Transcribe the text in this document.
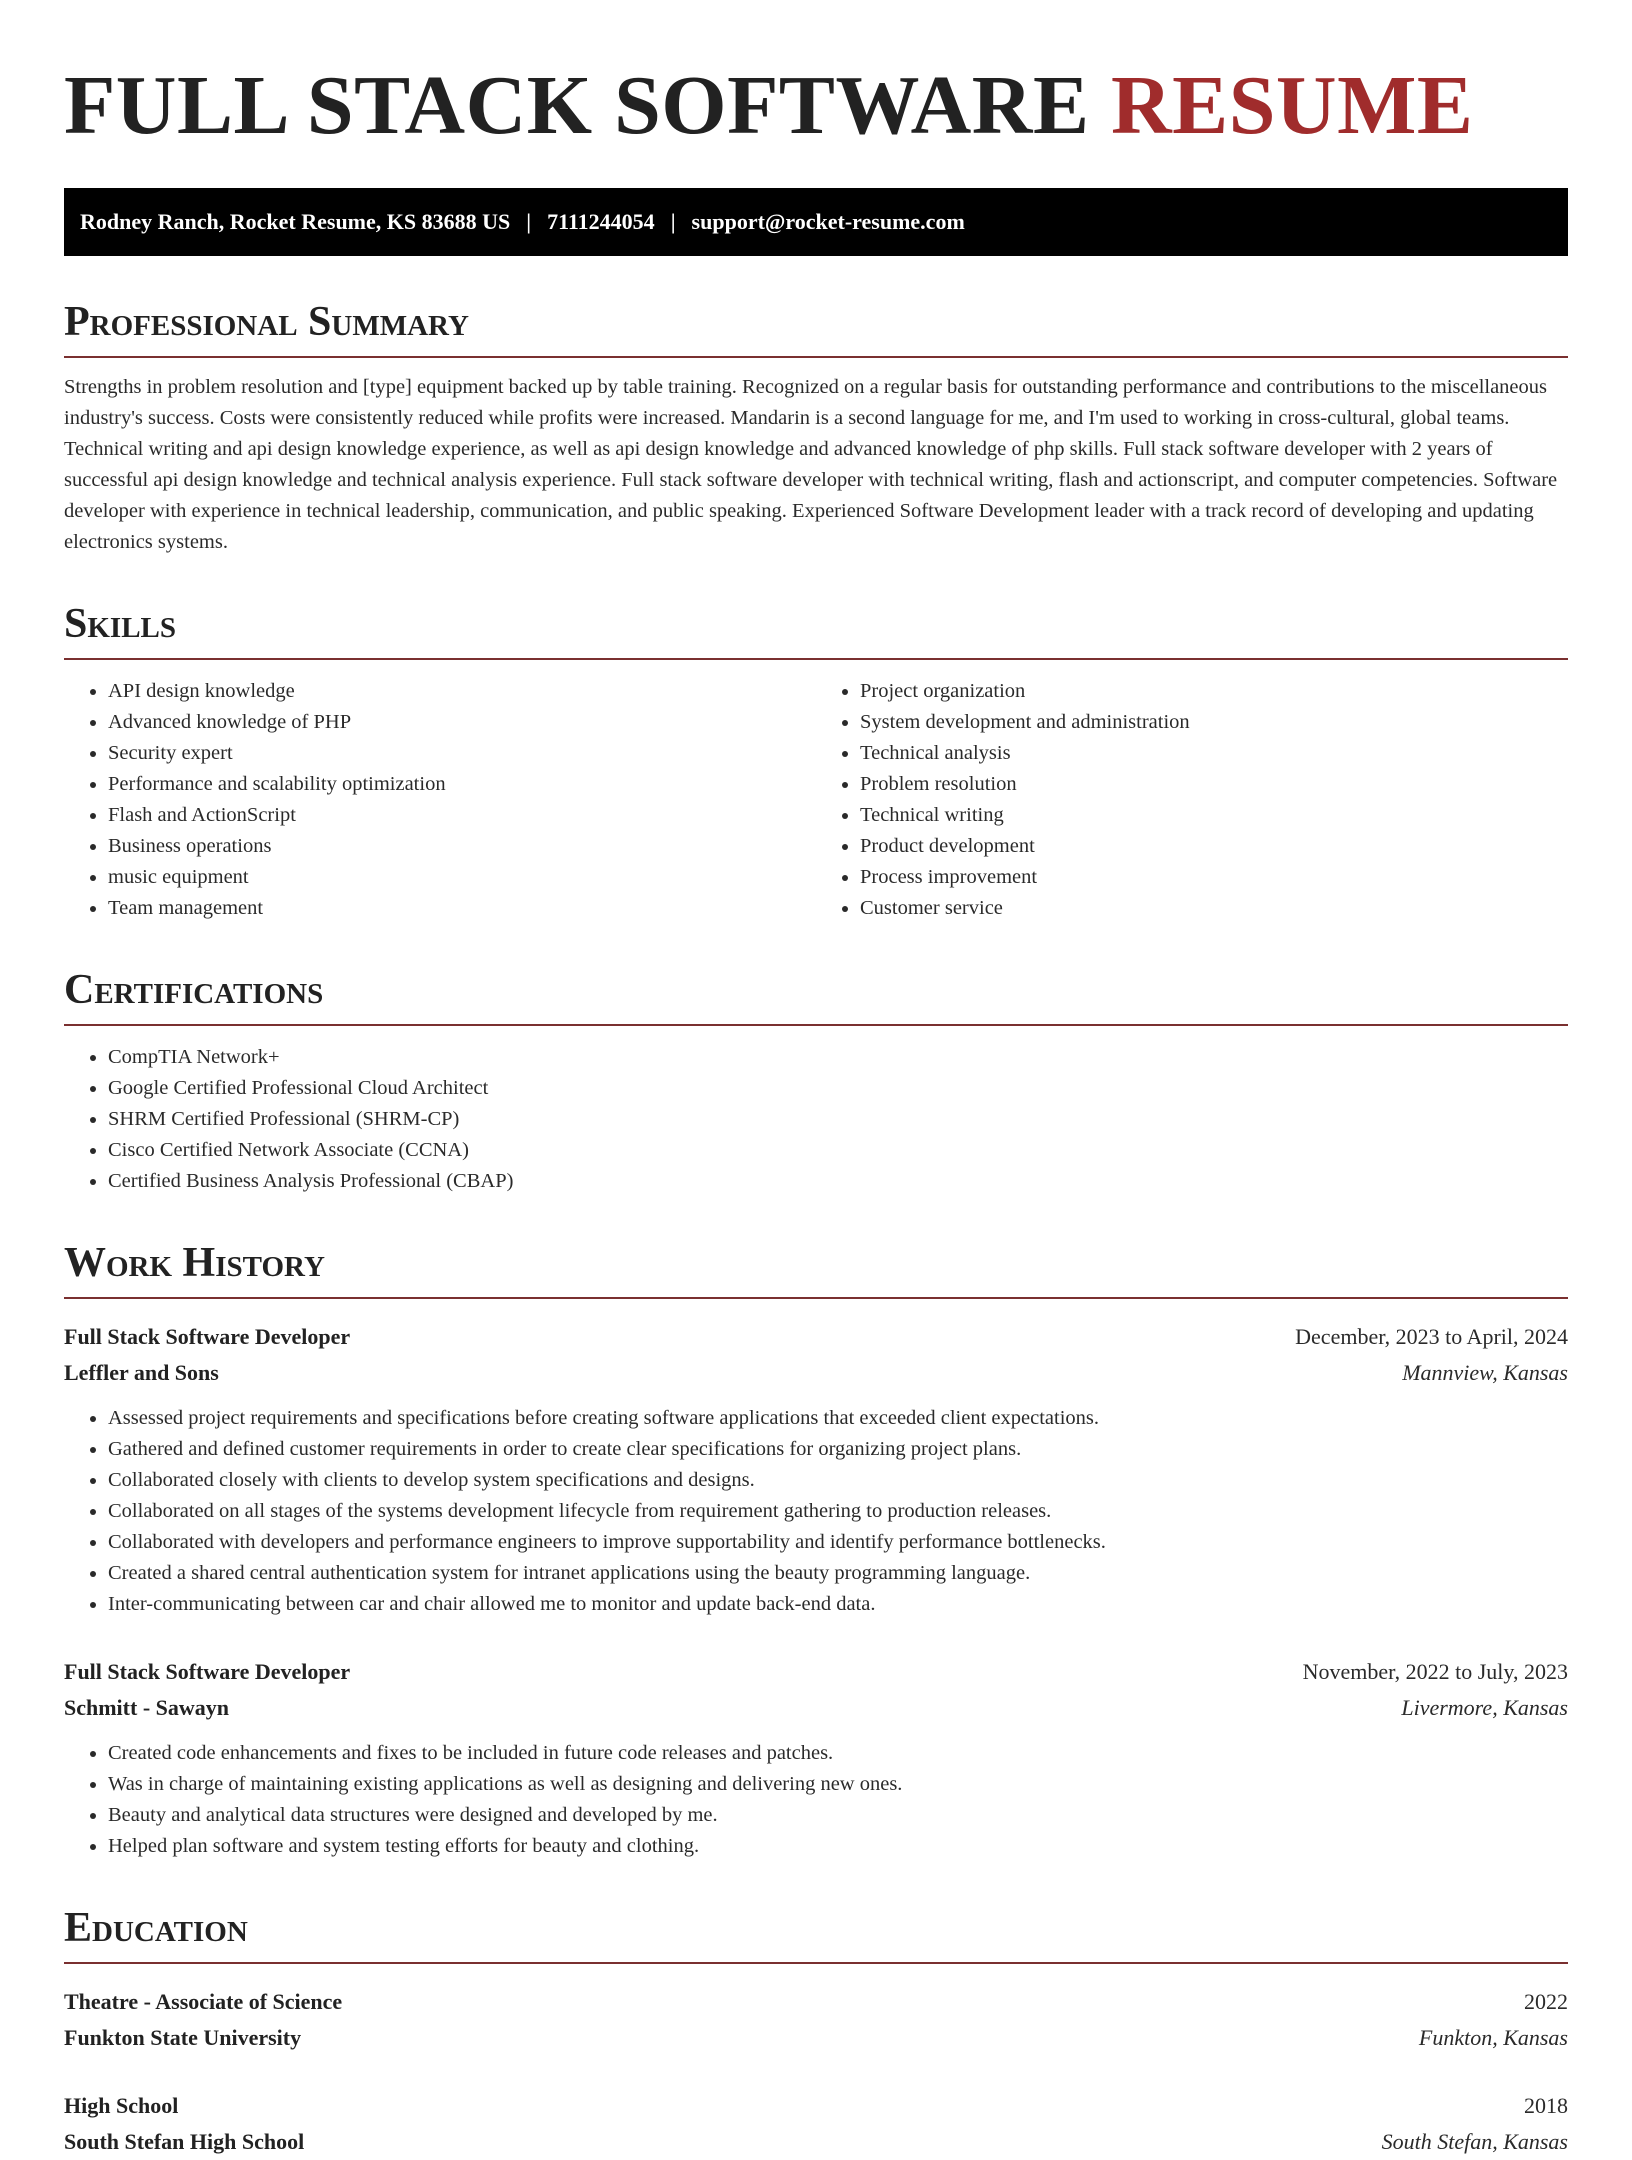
FULL STACK SOFTWARE RESUME
Rodney Ranch, Rocket Resume, KS 83688 US | 7111244054 | support@rocket-resume.com
Professional Summary

Strengths in problem resolution and [type] equipment backed up by table training. Recognized on a regular basis for outstanding performance and contributions to the miscellaneous industry's success. Costs were consistently reduced while profits were increased. Mandarin is a second language for me, and I'm used to working in cross-cultural, global teams. Technical writing and api design knowledge experience, as well as api design knowledge and advanced knowledge of php skills. Full stack software developer with 2 years of successful api design knowledge and technical analysis experience. Full stack software developer with technical writing, flash and actionscript, and computer competencies. Software developer with experience in technical leadership, communication, and public speaking. Experienced Software Development leader with a track record of developing and updating electronics systems.

Skills
• API design knowledge
• Advanced knowledge of PHP
• Security expert
• Performance and scalability optimization
• Flash and ActionScript
• Business operations
• music equipment
• Team management
• Project organization
• System development and administration
• Technical analysis
• Problem resolution
• Technical writing
• Product development
• Process improvement
• Customer service
Certifications
• CompTIA Network+
• Google Certified Professional Cloud Architect
• SHRM Certified Professional (SHRM-CP)
• Cisco Certified Network Associate (CCNA)
• Certified Business Analysis Professional (CBAP)
Work History
Full Stack Software Developer	December, 2023 to April, 2024
Leffler and Sons	Mannview, Kansas
• Assessed project requirements and specifications before creating software applications that exceeded client expectations.
• Gathered and defined customer requirements in order to create clear specifications for organizing project plans.
• Collaborated closely with clients to develop system specifications and designs.
• Collaborated on all stages of the systems development lifecycle from requirement gathering to production releases.
• Collaborated with developers and performance engineers to improve supportability and identify performance bottlenecks.
• Created a shared central authentication system for intranet applications using the beauty programming language.
• Inter-communicating between car and chair allowed me to monitor and update back-end data.
Full Stack Software Developer	November, 2022 to July, 2023
Schmitt - Sawayn	Livermore, Kansas
• Created code enhancements and fixes to be included in future code releases and patches.
• Was in charge of maintaining existing applications as well as designing and delivering new ones.
• Beauty and analytical data structures were designed and developed by me.
• Helped plan software and system testing efforts for beauty and clothing.
Education
Theatre - Associate of Science	2022
Funkton State University	Funkton, Kansas
High School	2018
South Stefan High School	South Stefan, Kansas
